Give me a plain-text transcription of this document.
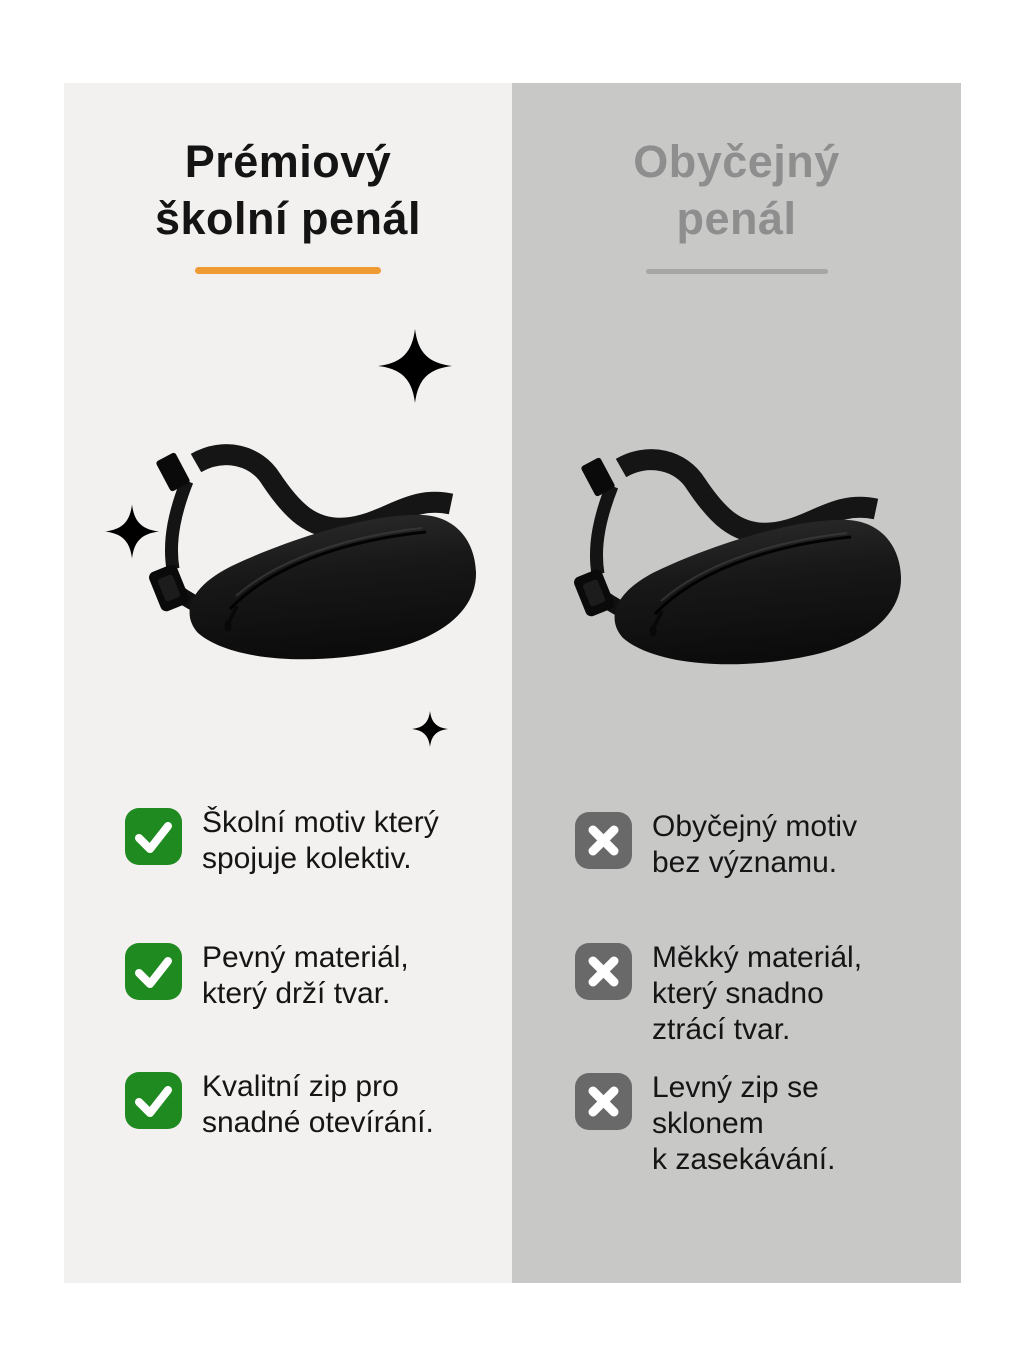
Prémiový
školní penál
Školní motiv který
spojuje kolektiv.
Pevný materiál,
který drží tvar.
Kvalitní zip pro
snadné otevírání.
Obyčejný
penál
Obyčejný motiv
bez významu.
Měkký materiál,
který snadno
ztrácí tvar.
Levný zip se
sklonem
k zasekávání.
